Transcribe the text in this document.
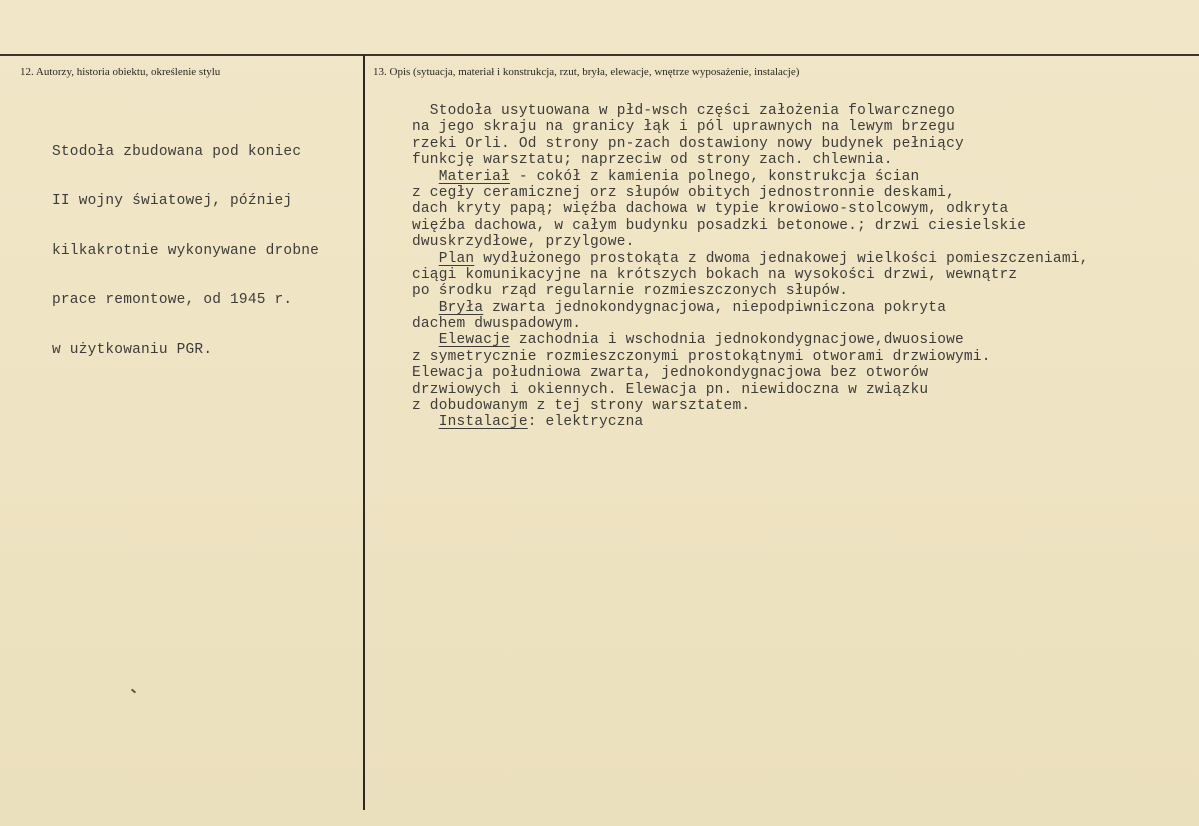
12. Autorzy, historia obiektu, określenie stylu	13. Opis (sytuacja, materiał i konstrukcja, rzut, bryła, elewacje, wnętrze wyposażenie, instalacje)

Stodoła zbudowana pod koniec

II wojny światowej, później

kilkakrotnie wykonywane drobne

prace remontowe, od 1945 r.

w użytkowaniu PGR.

Stodoła usytuowana w płd-wsch części założenia folwarcznego
na jego skraju na granicy łąk i pól uprawnych na lewym brzegu
rzeki Orli. Od strony pn-zach dostawiony nowy budynek pełniący
funkcję warsztatu; naprzeciw od strony zach. chlewnia.
Materiał - cokół z kamienia polnego, konstrukcja ścian
z cegły ceramicznej orz słupów obitych jednostronnie deskami,
dach kryty papą; więźba dachowa w typie krowiowo-stolcowym, odkryta
więźba dachowa, w całym budynku posadzki betonowe.; drzwi ciesielskie
dwuskrzydłowe, przylgowe.
Plan wydłużonego prostokąta z dwoma jednakowej wielkości pomieszczeniami,
ciągi komunikacyjne na krótszych bokach na wysokości drzwi, wewnątrz
po środku rząd regularnie rozmieszczonych słupów.
Bryła zwarta jednokondygnacjowa, niepodpiwniczona pokryta
dachem dwuspadowym.
Elewacje zachodnia i wschodnia jednokondygnacjowe,dwuosiowe
z symetrycznie rozmieszczonymi prostokątnymi otworami drzwiowymi.
Elewacja południowa zwarta, jednokondygnacjowa bez otworów
drzwiowych i okiennych. Elewacja pn. niewidoczna w związku
z dobudowanym z tej strony warsztatem.
Instalacje: elektryczna
